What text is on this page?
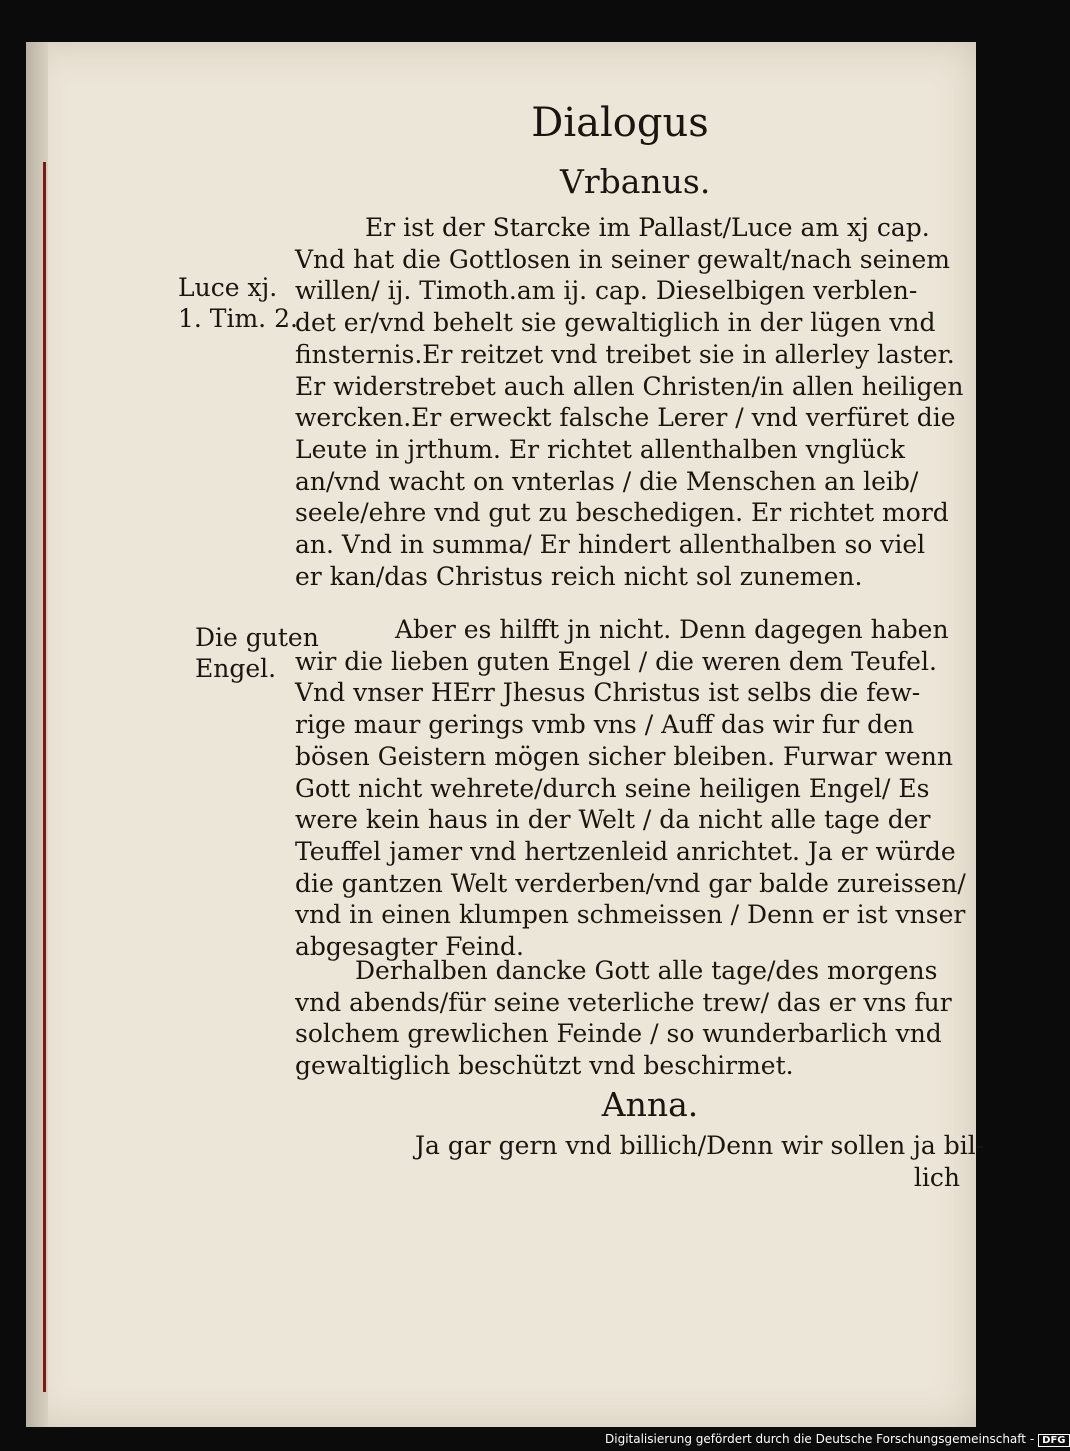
Dialogus
Vrbanus.
Luce xj.
1. Tim. 2.
Die guten
Engel.
Er ist der Starcke im Pallast/Luce am xj cap.
Vnd hat die Gottlosen in seiner gewalt/nach seinem
willen/ ij. Timoth.am ij. cap. Dieselbigen verblen-
det er/vnd behelt sie gewaltiglich in der lügen vnd
finsternis.Er reitzet vnd treibet sie in allerley laster.
Er widerstrebet auch allen Christen/in allen heiligen
wercken.Er erweckt falsche Lerer / vnd verfüret die
Leute in jrthum. Er richtet allenthalben vnglück
an/vnd wacht on vnterlas / die Menschen an leib/
seele/ehre vnd gut zu beschedigen. Er richtet mord
an. Vnd in summa/ Er hindert allenthalben so viel
er kan/das Christus reich nicht sol zunemen.
Aber es hilfft jn nicht. Denn dagegen haben
wir die lieben guten Engel / die weren dem Teufel.
Vnd vnser HErr Jhesus Christus ist selbs die few-
rige maur gerings vmb vns / Auff das wir fur den
bösen Geistern mögen sicher bleiben. Furwar wenn
Gott nicht wehrete/durch seine heiligen Engel/ Es
were kein haus in der Welt / da nicht alle tage der
Teuffel jamer vnd hertzenleid anrichtet. Ja er würde
die gantzen Welt verderben/vnd gar balde zureissen/
vnd in einen klumpen schmeissen / Denn er ist vnser
abgesagter Feind.
Derhalben dancke Gott alle tage/des morgens
vnd abends/für seine veterliche trew/ das er vns fur
solchem grewlichen Feinde / so wunderbarlich vnd
gewaltiglich beschützt vnd beschirmet.
Anna.
Ja gar gern vnd billich/Denn wir sollen ja bil-
lich
Digitalisierung gefördert durch die Deutsche Forschungsgemeinschaft - DFG
